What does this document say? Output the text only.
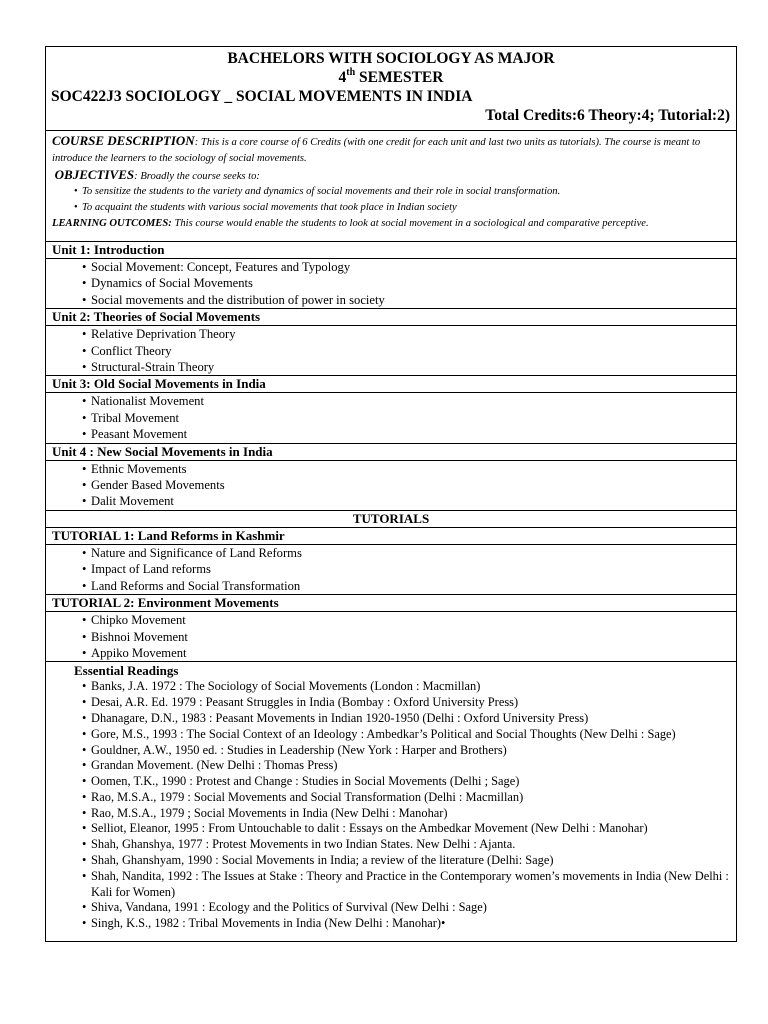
BACHELORS WITH SOCIOLOGY AS MAJOR
4th SEMESTER
SOC422J3 SOCIOLOGY _ SOCIAL MOVEMENTS IN INDIA
Total Credits:6 Theory:4; Tutorial:2)
COURSE DESCRIPTION: This is a core course of 6 Credits (with one credit for each unit and last two units as tutorials). The course is meant to introduce the learners to the sociology of social movements.
OBJECTIVES: Broadly the course seeks to:
• To sensitize the students to the variety and dynamics of social movements and their role in social transformation.
• To acquaint the students with various social movements that took place in Indian society
LEARNING OUTCOMES: This course would enable the students to look at social movement in a sociological and comparative perceptive.
Unit 1: Introduction
• Social Movement: Concept, Features and Typology
• Dynamics of Social Movements
• Social movements and the distribution of power in society
Unit 2: Theories of Social Movements
• Relative Deprivation Theory
• Conflict Theory
• Structural-Strain Theory
Unit 3: Old Social Movements in India
• Nationalist Movement
• Tribal Movement
• Peasant Movement
Unit 4 : New Social Movements in India
• Ethnic Movements
• Gender Based Movements
• Dalit Movement
TUTORIALS
TUTORIAL 1: Land Reforms in Kashmir
• Nature and Significance of Land Reforms
• Impact of Land reforms
• Land Reforms and Social Transformation
TUTORIAL 2: Environment Movements
• Chipko Movement
• Bishnoi Movement
• Appiko Movement
Essential Readings
• Banks, J.A. 1972 : The Sociology of Social Movements (London : Macmillan)
• Desai, A.R. Ed. 1979 : Peasant Struggles in India (Bombay : Oxford University Press)
• Dhanagare, D.N., 1983 : Peasant Movements in Indian 1920-1950 (Delhi : Oxford University Press)
• Gore, M.S., 1993 : The Social Context of an Ideology : Ambedkar’s Political and Social Thoughts (New Delhi : Sage)
• Gouldner, A.W., 1950 ed. : Studies in Leadership (New York : Harper and Brothers)
• Grandan Movement. (New Delhi : Thomas Press)
• Oomen, T.K., 1990 : Protest and Change : Studies in Social Movements (Delhi ; Sage)
• Rao, M.S.A., 1979 : Social Movements and Social Transformation (Delhi : Macmillan)
• Rao, M.S.A., 1979 ; Social Movements in India (New Delhi : Manohar)
• Selliot, Eleanor, 1995 : From Untouchable to dalit : Essays on the Ambedkar Movement (New Delhi : Manohar)
• Shah, Ghanshya, 1977 : Protest Movements in two Indian States. New Delhi : Ajanta.
• Shah, Ghanshyam, 1990 : Social Movements in India; a review of the literature (Delhi: Sage)
• Shah, Nandita, 1992 : The Issues at Stake : Theory and Practice in the Contemporary women’s movements in India (New Delhi : Kali for Women)
• Shiva, Vandana, 1991 : Ecology and the Politics of Survival (New Delhi : Sage)
• Singh, K.S., 1982 : Tribal Movements in India (New Delhi : Manohar)•
